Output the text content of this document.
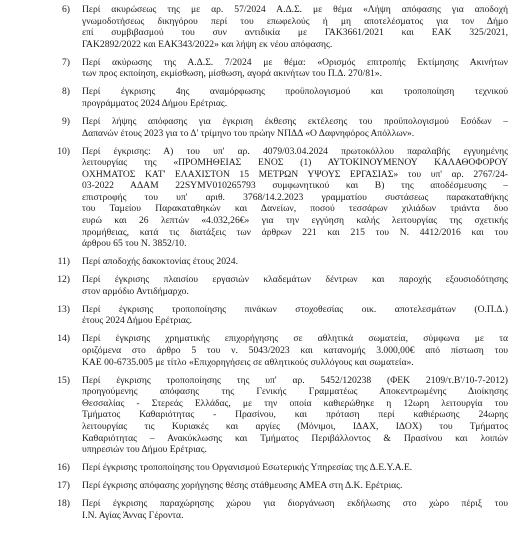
6)	Περί ακυρώσεως της με αρ. 57/2024 Α.Δ.Σ. με θέμα «Λήψη απόφασης για αποδοχή
γνωμοδοτήσεως δικηγόρου περί του επωφελούς ή μη αποτελέσματος για τον Δήμο
επί συμβιβασμού του συν αντιδικία με ΓΑΚ3661/2021 και ΕΑΚ 325/2021,
ΓΑΚ2892/2022 και ΕΑΚ343/2022» και λήψη εκ νέου απόφασης.
7)	Περί ακύρωσης της Α.Δ.Σ. 7/2024 με θέμα: «Ορισμός επιτροπής Εκτίμησης Ακινήτων
των προς εκποίηση, εκμίσθωση, μίσθωση, αγορά ακινήτων του Π.Δ. 270/81».
8)	Περί έγκρισης 4ης αναμόρφωσης προϋπολογισμού και τροποποίηση τεχνικού
προγράμματος 2024 Δήμου Ερέτριας.
9)	Περί λήψης απόφασης για έγκριση έκθεσης εκτέλεσης του προϋπολογισμού Εσόδων –
Δαπανών έτους 2023 για το Δ' τρίμηνο του πρώην ΝΠΔΔ «Ο Δαφνηφόρος Απόλλων».
10)	Περί έγκρισης: Α) του υπ' αρ. 4079/03.04.2024 πρωτοκόλλου παραλαβής εγγυημένης
λειτουργίας της «ΠΡΟΜΗΘΕΙΑΣ ΕΝΟΣ (1) ΑΥΤΟΚΙΝΟΥΜΕΝΟΥ ΚΑΛΑΘΟΦΟΡΟΥ
ΟΧΗΜΑΤΟΣ ΚΑΤ' ΕΛΑΧΙΣΤΟΝ 15 ΜΕΤΡΩΝ ΥΨΟΥΣ ΕΡΓΑΣΙΑΣ» του υπ' αρ. 2767/24-
03-2022 ΑΔΑΜ 22SYMV010265793 συμφωνητικού και Β) της αποδέσμευσης –
επιστροφής του υπ' αριθ. 3768/14.2.2023 γραμματίου συστάσεως παρακαταθήκης
του Ταμείου Παρακαταθηκών και Δανείων, ποσού τεσσάρων χιλιάδων τριάντα δυο
ευρώ και 26 λεπτών «4.032,26€» για την εγγύηση καλής λειτουργίας της σχετικής
προμήθειας, κατά τις διατάξεις των άρθρων 221 και 215 του Ν. 4412/2016 και του
άρθρου 65 του Ν. 3852/10.
11)	Περί αποδοχής δακοκτονίας έτους 2024.
12)	Περί έγκρισης πλαισίου εργασιών κλαδεμάτων δέντρων και παροχής εξουσιοδότησης
στον αρμόδιο Αντιδήμαρχο.
13)	Περί έγκρισης τροποποίησης πινάκων στοχοθεσίας οικ. αποτελεσμάτων (Ο.Π.Δ.)
έτους 2024 Δήμου Ερέτριας.
14)	Περί έγκρισης χρηματικής επιχορήγησης σε αθλητικά σωματεία, σύμφωνα με τα
οριζόμενα στο άρθρο 5 του ν. 5043/2023 και κατανομής 3.000,00€ από πίστωση του
ΚΑΕ 00-6735.005 με τίτλο «Επιχορηγήσεις σε αθλητικούς συλλόγους και σωματεία».
15)	Περί έγκρισης τροποποίησης της υπ' αρ. 5452/120238 (ΦΕΚ 2109/τ.Β'/10-7-2012)
προηγούμενης απόφασης της Γενικής Γραμματέως Αποκεντρωμένης Διοίκησης
Θεσσαλίας - Στερεάς Ελλάδας, με την οποία καθιερώθηκε η 12ωρη λειτουργία του
Τμήματος Καθαριότητας - Πρασίνου, και πρόταση περί καθιέρωσης 24ωρης
λειτουργίας τις Κυριακές και αργίες (Μόνιμοι, ΙΔΑΧ, ΙΔΟΧ) του Τμήματος
Καθαριότητας – Ανακύκλωσης και Τμήματος Περιβάλλοντος & Πρασίνου και λοιπών
υπηρεσιών του Δήμου Ερέτριας.
16)	Περί έγκρισης τροποποίησης του Οργανισμού Εσωτερικής Υπηρεσίας της Δ.Ε.Υ.Α.Ε.
17)	Περί έγκρισης απόφασης χορήγησης θέσης στάθμευσης ΑΜΕΑ στη Δ.Κ. Ερέτριας.
18)	Περί έγκρισης παραχώρησης χώρου για διοργάνωση εκδήλωσης στο χώρο πέριξ του
Ι.Ν. Αγίας Άννας Γέροντα.
